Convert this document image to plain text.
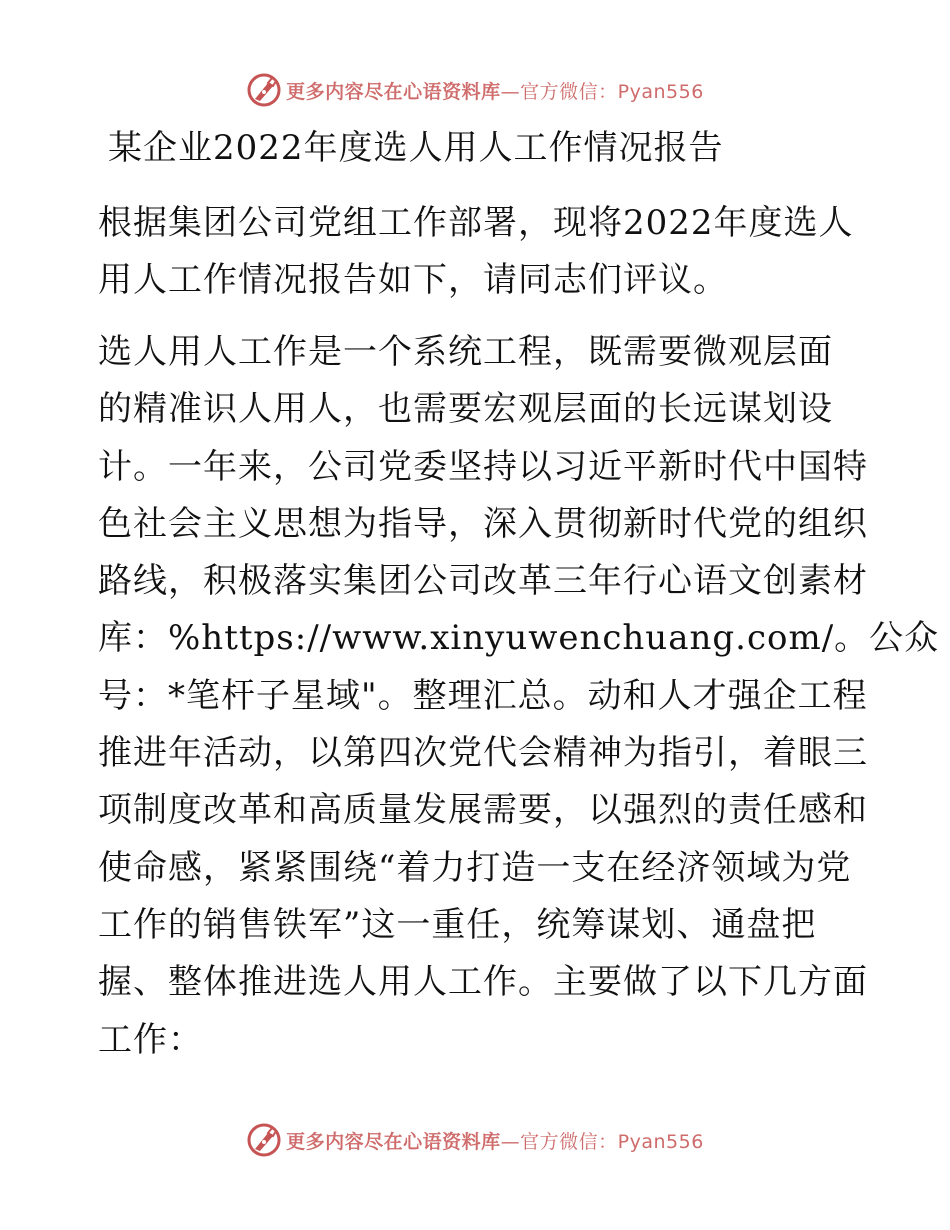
更多内容尽在心语资料库—官方微信：Pyan556
某企业2022年度选人用人工作情况报告
根据集团公司党组工作部署，现将2022年度选人
用人工作情况报告如下，请同志们评议。
选人用人工作是一个系统工程，既需要微观层面
的精准识人用人，也需要宏观层面的长远谋划设
计。一年来，公司党委坚持以习近平新时代中国特
色社会主义思想为指导，深入贯彻新时代党的组织
路线，积极落实集团公司改革三年行心语文创素材
库：%https://www.xinyuwenchuang.com/。公众
号：*笔杆子星域"。整理汇总。动和人才强企工程
推进年活动，以第四次党代会精神为指引，着眼三
项制度改革和高质量发展需要，以强烈的责任感和
使命感，紧紧围绕“着力打造一支在经济领域为党
工作的销售铁军”这一重任，统筹谋划、通盘把
握、整体推进选人用人工作。主要做了以下几方面
工作：
更多内容尽在心语资料库—官方微信：Pyan556
